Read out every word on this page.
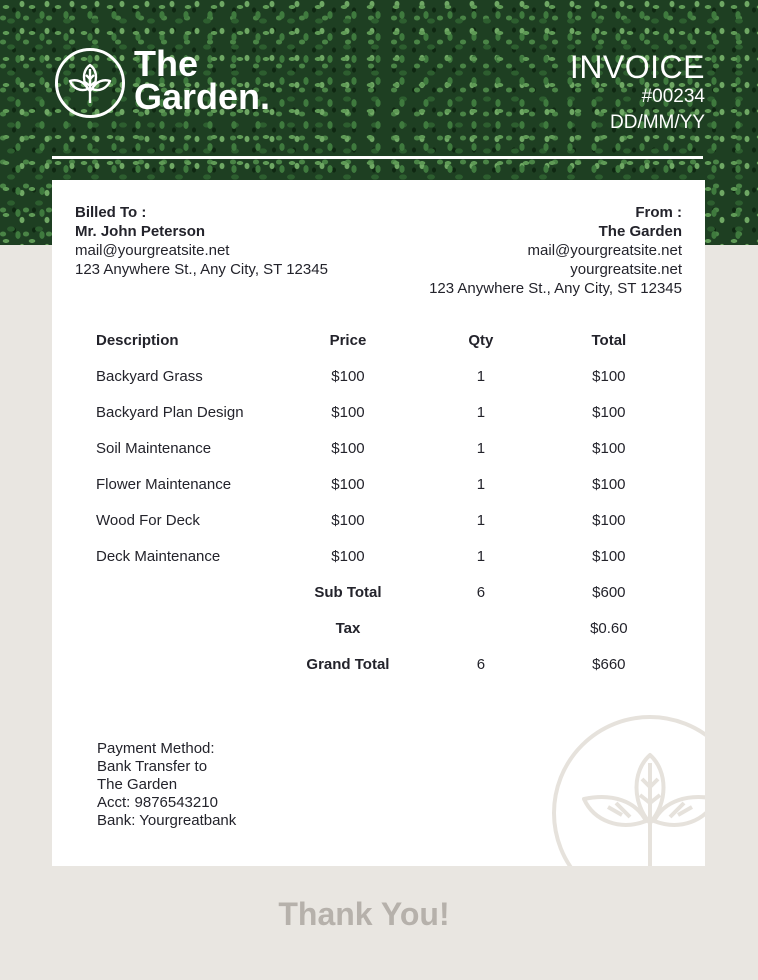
The
Garden.
INVOICE
#00234
DD/MM/YY
Billed To :
Mr. John Peterson
mail@yourgreatsite.net
123 Anywhere St., Any City, ST 12345
From :
The Garden
mail@yourgreatsite.net
yourgreatsite.net
123 Anywhere St., Any City, ST 12345
Description	Price	Qty	Total
Backyard Grass	$100	1	$100
Backyard Plan Design	$100	1	$100
Soil Maintenance	$100	1	$100
Flower Maintenance	$100	1	$100
Wood For Deck	$100	1	$100
Deck Maintenance	$100	1	$100
	Sub Total	6	$600
	Tax		$0.60
	Grand Total	6	$660
Payment Method:
Bank Transfer to
The Garden
Acct: 9876543210
Bank: Yourgreatbank
Thank You!
